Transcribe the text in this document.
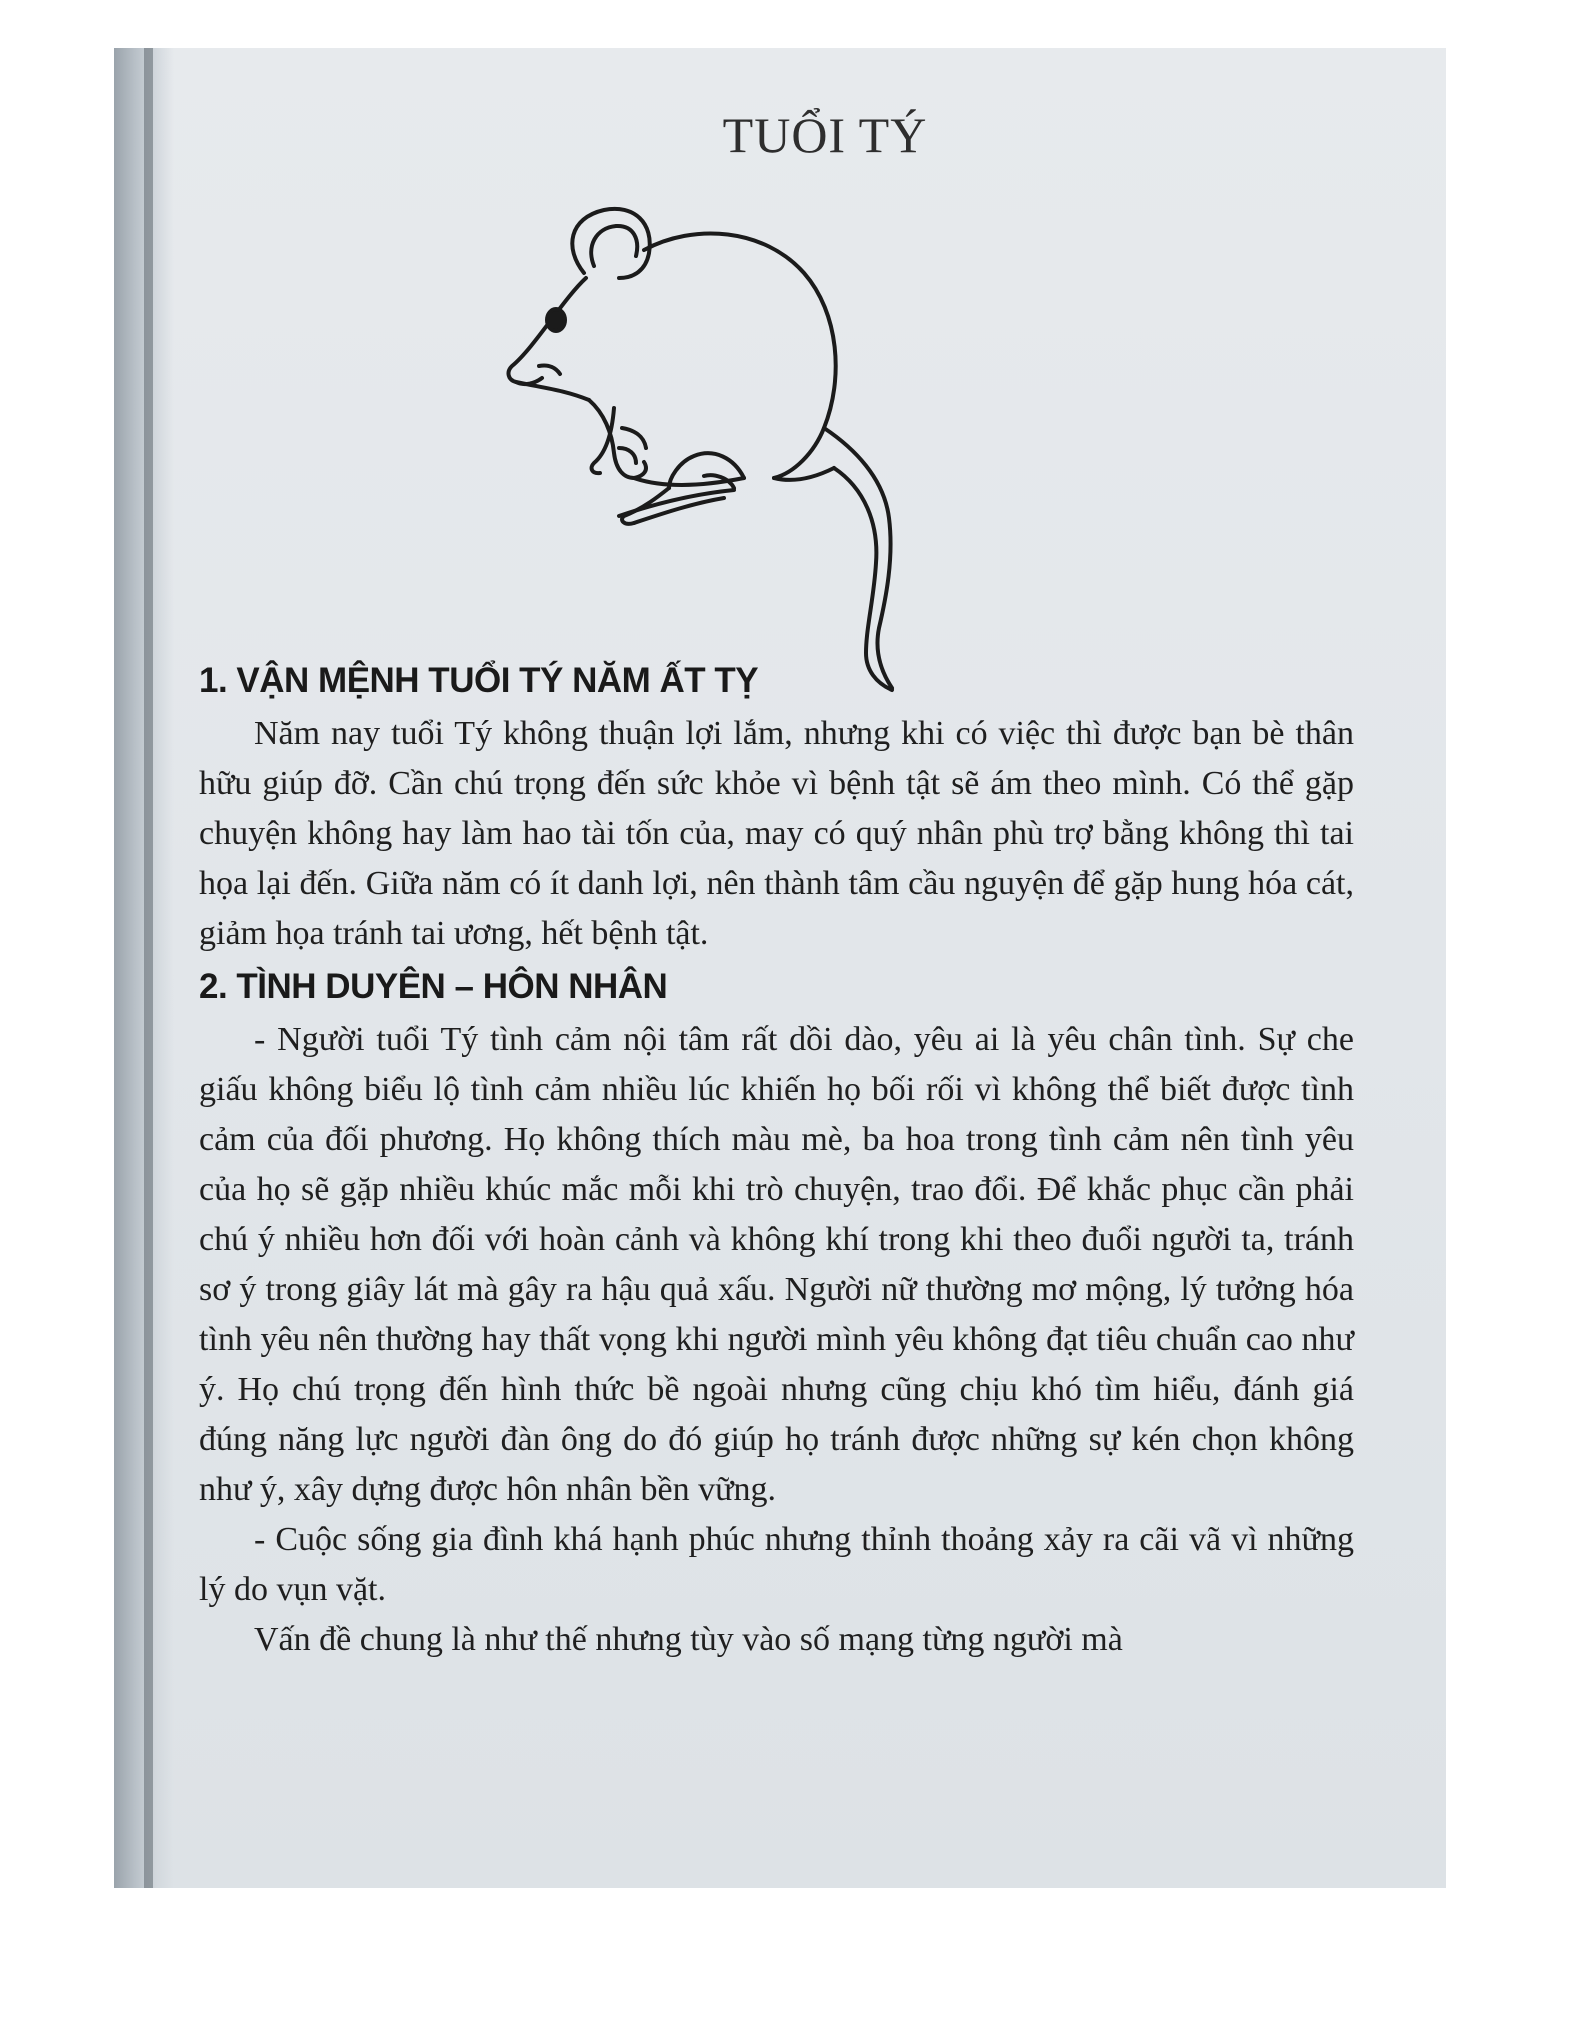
TUỔI TÝ
1. VẬN MỆNH TUỔI TÝ NĂM ẤT TỴ

Năm nay tuổi Tý không thuận lợi lắm, nhưng khi có việc thì được bạn bè thân hữu giúp đỡ. Cần chú trọng đến sức khỏe vì bệnh tật sẽ ám theo mình. Có thể gặp chuyện không hay làm hao tài tốn của, may có quý nhân phù trợ bằng không thì tai họa lại đến. Giữa năm có ít danh lợi, nên thành tâm cầu nguyện để gặp hung hóa cát, giảm họa tránh tai ương, hết bệnh tật.

2. TÌNH DUYÊN – HÔN NHÂN

- Người tuổi Tý tình cảm nội tâm rất dồi dào, yêu ai là yêu chân tình. Sự che giấu không biểu lộ tình cảm nhiều lúc khiến họ bối rối vì không thể biết được tình cảm của đối phương. Họ không thích màu mè, ba hoa trong tình cảm nên tình yêu của họ sẽ gặp nhiều khúc mắc mỗi khi trò chuyện, trao đổi. Để khắc phục cần phải chú ý nhiều hơn đối với hoàn cảnh và không khí trong khi theo đuổi người ta, tránh sơ ý trong giây lát mà gây ra hậu quả xấu. Người nữ thường mơ mộng, lý tưởng hóa tình yêu nên thường hay thất vọng khi người mình yêu không đạt tiêu chuẩn cao như ý. Họ chú trọng đến hình thức bề ngoài nhưng cũng chịu khó tìm hiểu, đánh giá đúng năng lực người đàn ông do đó giúp họ tránh được những sự kén chọn không như ý, xây dựng được hôn nhân bền vững.

- Cuộc sống gia đình khá hạnh phúc nhưng thỉnh thoảng xảy ra cãi vã vì những lý do vụn vặt.

Vấn đề chung là như thế nhưng tùy vào số mạng từng người mà
